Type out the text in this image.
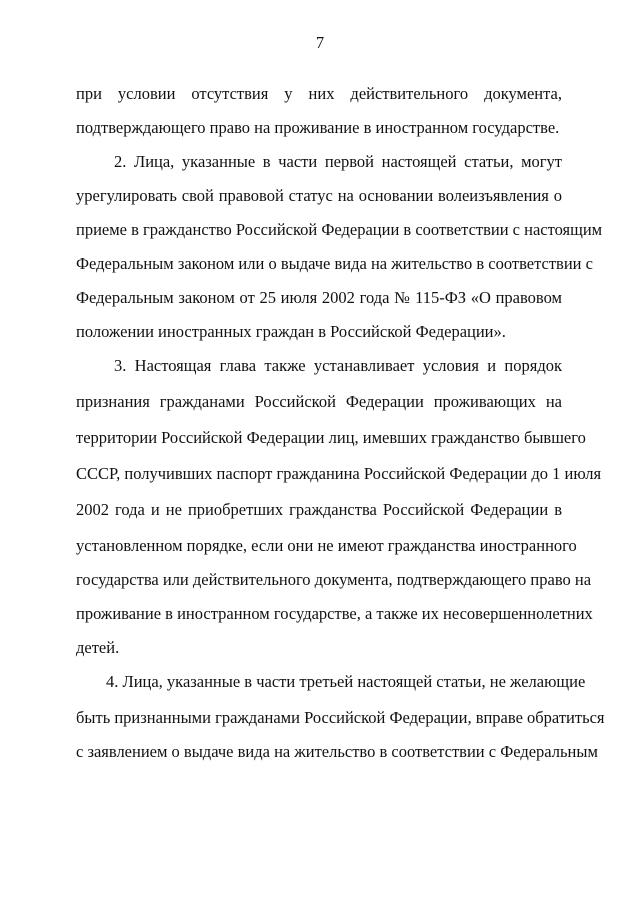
7
при условии отсутствия у них действительного документа,
подтверждающего право на проживание в иностранном государстве.
2. Лица, указанные в части первой настоящей статьи, могут
урегулировать свой правовой статус на основании волеизъявления о
приеме в гражданство Российской Федерации в соответствии с настоящим
Федеральным законом или о выдаче вида на жительство в соответствии с
Федеральным законом от 25 июля 2002 года № 115-ФЗ «О правовом
положении иностранных граждан в Российской Федерации».
3. Настоящая глава также устанавливает условия и порядок
признания гражданами Российской Федерации проживающих на
территории Российской Федерации лиц, имевших гражданство бывшего
СССР, получивших паспорт гражданина Российской Федерации до 1 июля
2002 года и не приобретших гражданства Российской Федерации в
установленном порядке, если они не имеют гражданства иностранного
государства или действительного документа, подтверждающего право на
проживание в иностранном государстве, а также их несовершеннолетних
детей.
4. Лица, указанные в части третьей настоящей статьи, не желающие
быть признанными гражданами Российской Федерации, вправе обратиться
с заявлением о выдаче вида на жительство в соответствии с Федеральным
